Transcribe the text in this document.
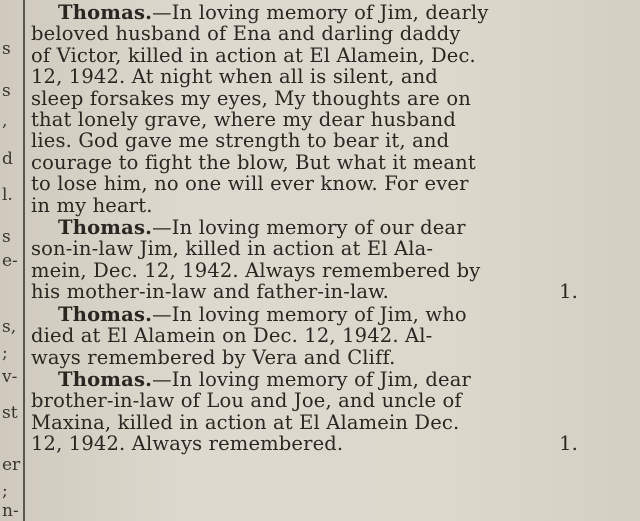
s
s
,
d
l.
s
e-
s,
;
v-
st
er
;
n-

Thomas.—In loving memory of Jim, dearly
beloved husband of Ena and darling daddy
of Victor, killed in action at El Alamein, Dec.
12, 1942. At night when all is silent, and
sleep forsakes my eyes, My thoughts are on
that lonely grave, where my dear husband
lies. God gave me strength to bear it, and
courage to fight the blow, But what it meant
to lose him, no one will ever know. For ever
in my heart.

Thomas.—In loving memory of our dear
son-in-law Jim, killed in action at El Ala-
mein, Dec. 12, 1942. Always remembered by
his mother-in-law and father-in-law.	1.

Thomas.—In loving memory of Jim, who
died at El Alamein on Dec. 12, 1942. Al-
ways remembered by Vera and Cliff.

Thomas.—In loving memory of Jim, dear
brother-in-law of Lou and Joe, and uncle of
Maxina, killed in action at El Alamein Dec.
12, 1942. Always remembered.	1.
